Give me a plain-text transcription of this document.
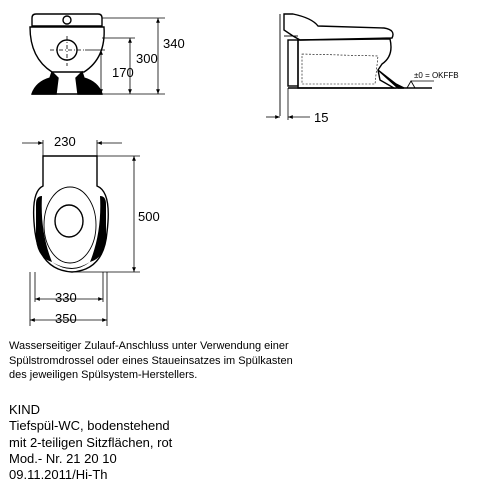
340
300
170
15
±0 = OKFFB
230
500
330
350

Wasserseitiger Zulauf-Anschluss unter Verwendung einer
Spülstromdrossel oder eines Staueinsatzes im Spülkasten
des jeweiligen Spülsystem-Herstellers.

KIND
Tiefspül-WC, bodenstehend
mit 2-teiligen Sitzflächen, rot
Mod.- Nr. 21 20 10
09.11.2011/Hi-Th
